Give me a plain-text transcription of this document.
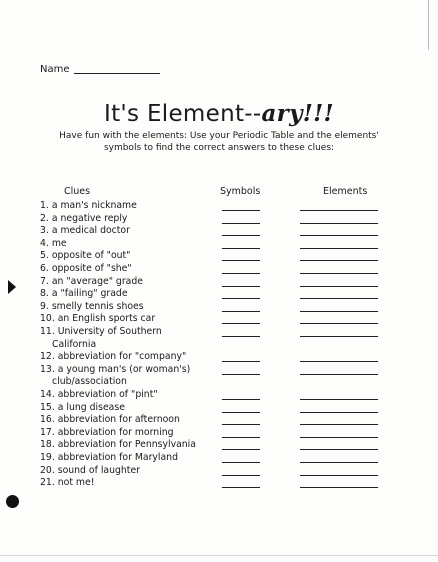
Name
It's Element--ary!!!
Have fun with the elements: Use your Periodic Table and the elements'
symbols to find the correct answers to these clues:
Clues	Symbols	Elements
1. a man's nickname
2. a negative reply
3. a medical doctor
4. me
5. opposite of "out"
6. opposite of "she"
7. an "average" grade
8. a "failing" grade
9. smelly tennis shoes
10. an English sports car
11. University of Southern
California
12. abbreviation for "company"
13. a young man's (or woman's)
club/association
14. abbreviation of "pint"
15. a lung disease
16. abbreviation for afternoon
17. abbreviation for morning
18. abbreviation for Pennsylvania
19. abbreviation for Maryland
20. sound of laughter
21. not me!
